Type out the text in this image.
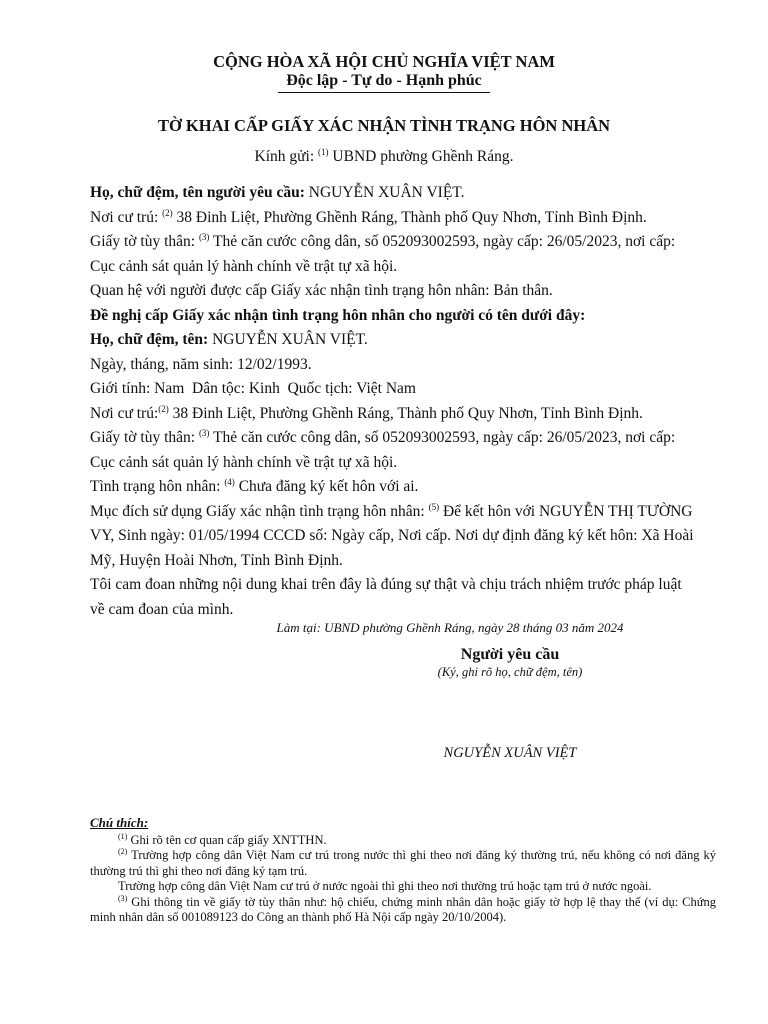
CỘNG HÒA XÃ HỘI CHỦ NGHĨA VIỆT NAM
Độc lập - Tự do - Hạnh phúc
TỜ KHAI CẤP GIẤY XÁC NHẬN TÌNH TRẠNG HÔN NHÂN
Kính gửi: $^{(1)}$ UBND phường Ghềnh Ráng.

Họ, chữ đệm, tên người yêu cầu: NGUYỄN XUÂN VIỆT.

Nơi cư trú: $^{(2)}$ 38 Đinh Liệt, Phường Ghềnh Ráng, Thành phố Quy Nhơn, Tỉnh Bình Định.

Giấy tờ tùy thân: $^{(3)}$ Thẻ căn cước công dân, số 052093002593, ngày cấp: 26/05/2023, nơi cấp: Cục cảnh sát quản lý hành chính về trật tự xã hội.

Quan hệ với người được cấp Giấy xác nhận tình trạng hôn nhân: Bản thân.

Đề nghị cấp Giấy xác nhận tình trạng hôn nhân cho người có tên dưới đây:

Họ, chữ đệm, tên: NGUYỄN XUÂN VIỆT.

Ngày, tháng, năm sinh: 12/02/1993.

Giới tính: Nam  Dân tộc: Kinh  Quốc tịch: Việt Nam

Nơi cư trú:$^{(2)}$ 38 Đinh Liệt, Phường Ghềnh Ráng, Thành phố Quy Nhơn, Tỉnh Bình Định.

Giấy tờ tùy thân: $^{(3)}$ Thẻ căn cước công dân, số 052093002593, ngày cấp: 26/05/2023, nơi cấp: Cục cảnh sát quản lý hành chính về trật tự xã hội.

Tình trạng hôn nhân: $^{(4)}$ Chưa đăng ký kết hôn với ai.

Mục đích sử dụng Giấy xác nhận tình trạng hôn nhân: $^{(5)}$ Để kết hôn với NGUYỄN THỊ TƯỜNG VY, Sinh ngày: 01/05/1994 CCCD số: Ngày cấp, Nơi cấp. Nơi dự định đăng ký kết hôn: Xã Hoài Mỹ, Huyện Hoài Nhơn, Tỉnh Bình Định.

Tôi cam đoan những nội dung khai trên đây là đúng sự thật và chịu trách nhiệm trước pháp luật về cam đoan của mình.

Làm tại: UBND phường Ghềnh Ráng, ngày 28 tháng 03 năm 2024
Người yêu cầu
(Ký, ghi rõ họ, chữ đệm, tên)
NGUYỄN XUÂN VIỆT
Chú thích:

$^{(1)}$ Ghi rõ tên cơ quan cấp giấy XNTTHN.

$^{(2)}$ Trường hợp công dân Việt Nam cư trú trong nước thì ghi theo nơi đăng ký thường trú, nếu không có nơi đăng ký thường trú thì ghi theo nơi đăng ký tạm trú.

Trường hợp công dân Việt Nam cư trú ở nước ngoài thì ghi theo nơi thường trú hoặc tạm trú ở nước ngoài.

$^{(3)}$ Ghi thông tin về giấy tờ tùy thân như: hộ chiếu, chứng minh nhân dân hoặc giấy tờ hợp lệ thay thế (ví dụ: Chứng minh nhân dân số 001089123 do Công an thành phố Hà Nội cấp ngày 20/10/2004).
